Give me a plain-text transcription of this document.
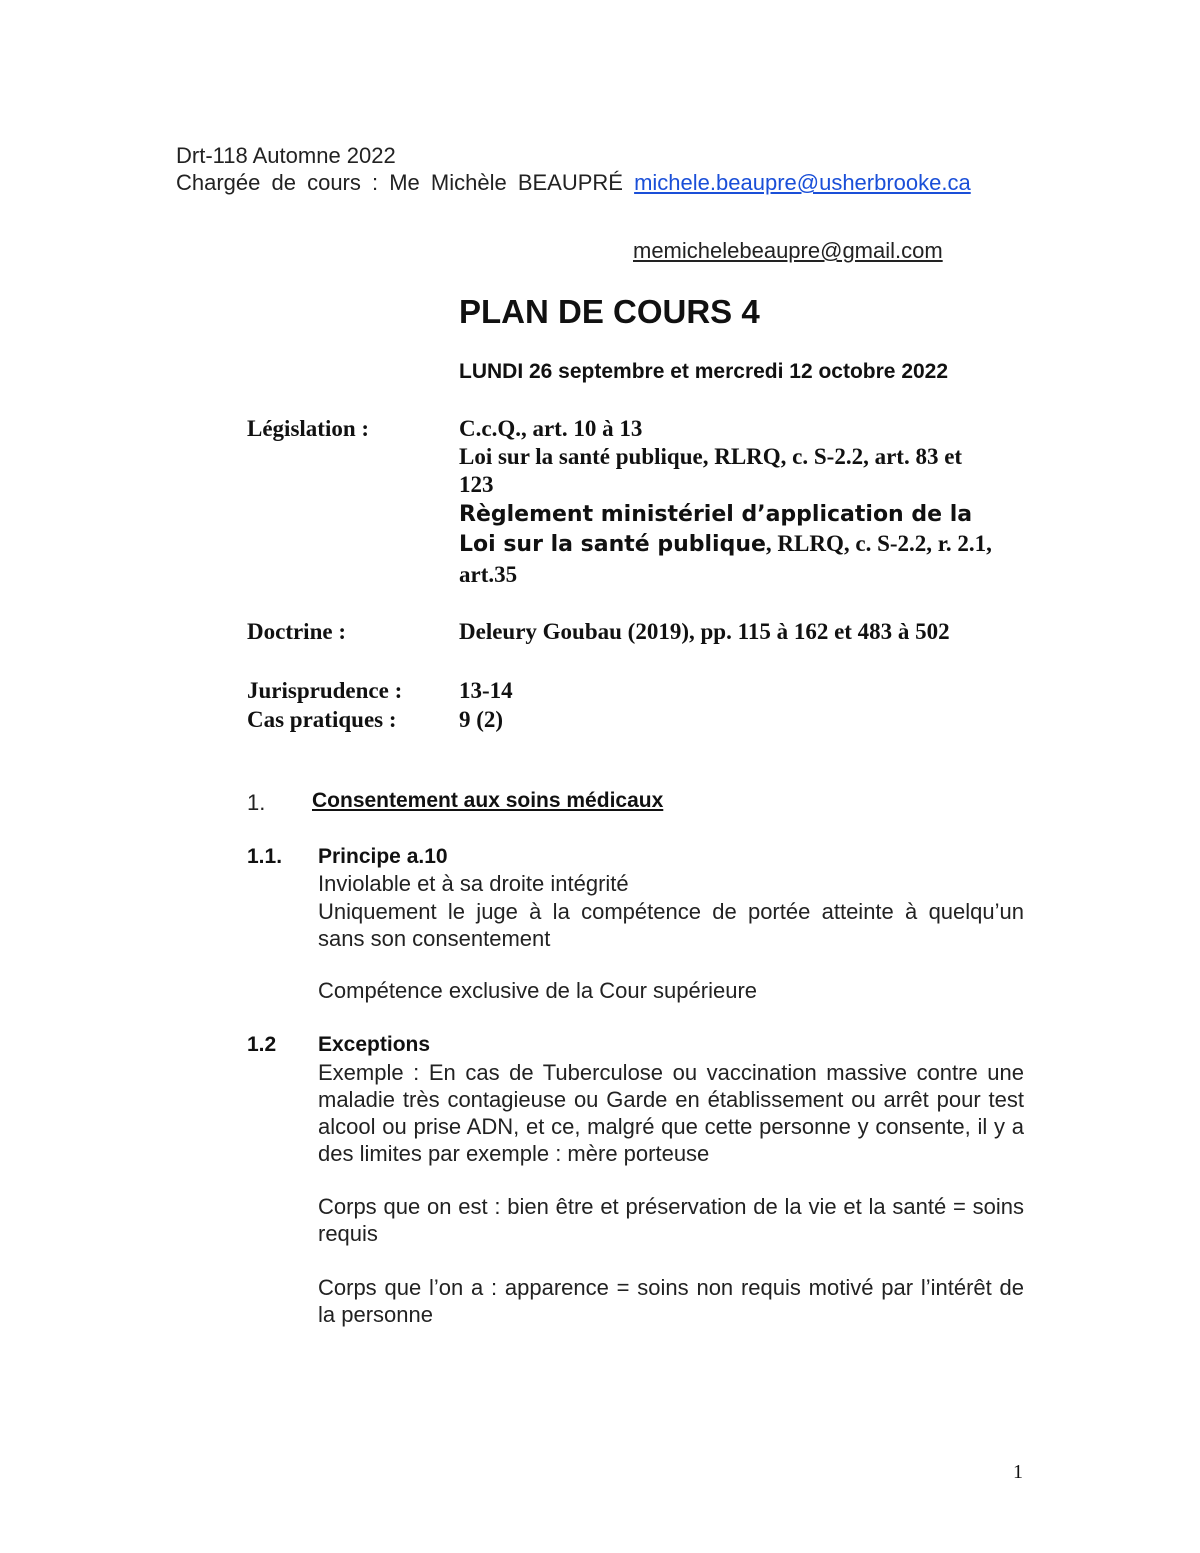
Drt-118 Automne 2022
Chargée de cours : Me Michèle BEAUPRÉ michele.beaupre@usherbrooke.ca
memichelebeaupre@gmail.com
PLAN DE COURS 4
LUNDI 26 septembre et mercredi 12 octobre 2022
Législation :	C.c.Q., art. 10 à 13
Loi sur la santé publique, RLRQ, c. S-2.2, art. 83 et
123
Règlement ministériel d’application de la
Loi sur la santé publique, RLRQ, c. S-2.2, r. 2.1,
art.35
Doctrine :	Deleury Goubau (2019), pp. 115 à 162 et 483 à 502
Jurisprudence : 13-14
Cas pratiques :	9 (2)
1. Consentement aux soins médicaux
1.1. Principe a.10
Inviolable et à sa droite intégrité
Uniquement le juge à la compétence de portée atteinte à quelqu’un sans son consentement
Compétence exclusive de la Cour supérieure
1.2 Exceptions
Exemple : En cas de Tuberculose ou vaccination massive contre une maladie très contagieuse ou Garde en établissement ou arrêt pour test alcool ou prise ADN, et ce, malgré que cette personne y consente, il y a des limites par exemple : mère porteuse
Corps que on est : bien être et préservation de la vie et la santé = soins requis
Corps que l’on a : apparence = soins non requis motivé par l’intérêt de la personne
1
